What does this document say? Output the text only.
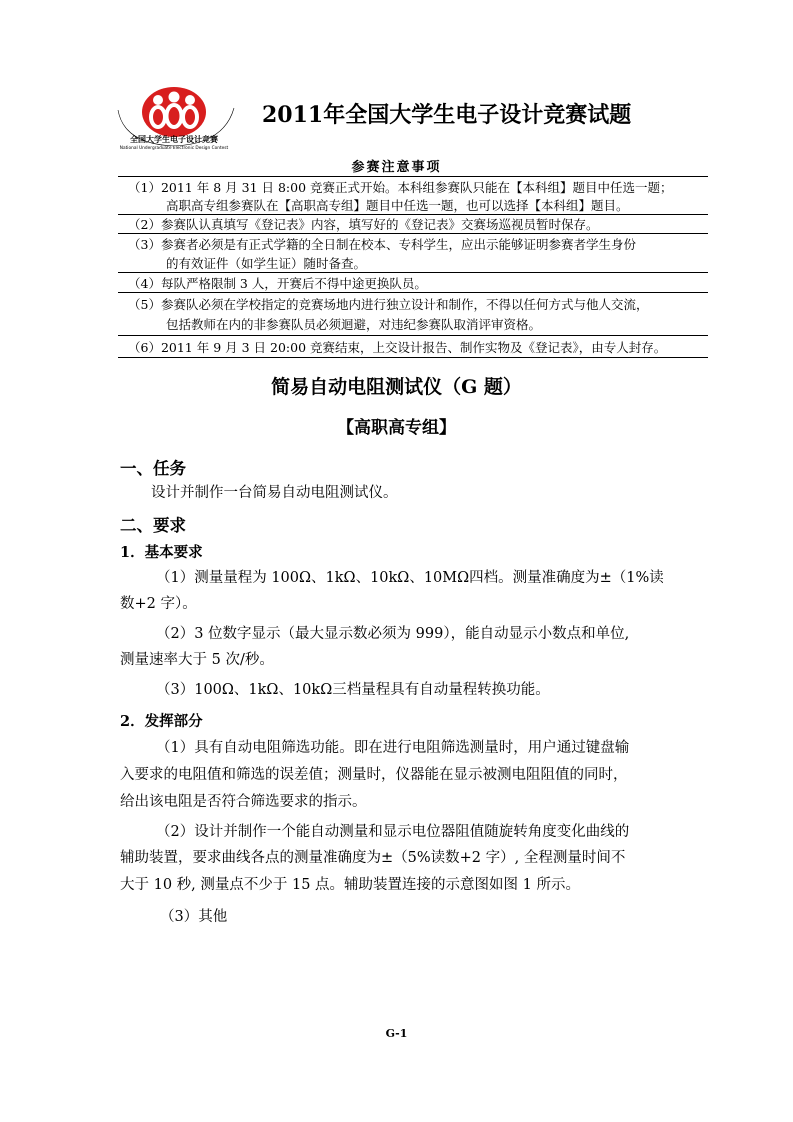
全国大学生电子设计竞赛
National Undergraduate Electronic Design Contest
2011年全国大学生电子设计竞赛试题
参赛注意事项
（1）2011 年 8 月 31 日 8:00 竞赛正式开始。本科组参赛队只能在【本科组】题目中任选一题；
高职高专组参赛队在【高职高专组】题目中任选一题，也可以选择【本科组】题目。
（2）参赛队认真填写《登记表》内容，填写好的《登记表》交赛场巡视员暂时保存。
（3）参赛者必须是有正式学籍的全日制在校本、专科学生，应出示能够证明参赛者学生身份
的有效证件（如学生证）随时备查。
（4）每队严格限制 3 人，开赛后不得中途更换队员。
（5）参赛队必须在学校指定的竞赛场地内进行独立设计和制作，不得以任何方式与他人交流，
包括教师在内的非参赛队员必须迴避，对违纪参赛队取消评审资格。
（6）2011 年 9 月 3 日 20:00 竞赛结束，上交设计报告、制作实物及《登记表》，由专人封存。
简易自动电阻测试仪（G 题）
【高职高专组】
一、任务
设计并制作一台简易自动电阻测试仪。
二、要求
1．基本要求
（1）测量量程为 100Ω、1kΩ、10kΩ、10MΩ四档。测量准确度为±（1%读
数+2 字）。
（2）3 位数字显示（最大显示数必须为 999），能自动显示小数点和单位,
测量速率大于 5 次/秒。
（3）100Ω、1kΩ、10kΩ三档量程具有自动量程转换功能。
2．发挥部分
（1）具有自动电阻筛选功能。即在进行电阻筛选测量时，用户通过键盘输
入要求的电阻值和筛选的误差值；测量时，仪器能在显示被测电阻阻值的同时，
给出该电阻是否符合筛选要求的指示。
（2）设计并制作一个能自动测量和显示电位器阻值随旋转角度变化曲线的
辅助装置，要求曲线各点的测量准确度为±（5%读数+2 字）, 全程测量时间不
大于 10 秒, 测量点不少于 15 点。辅助装置连接的示意图如图 1 所示。
（3）其他
G-1
